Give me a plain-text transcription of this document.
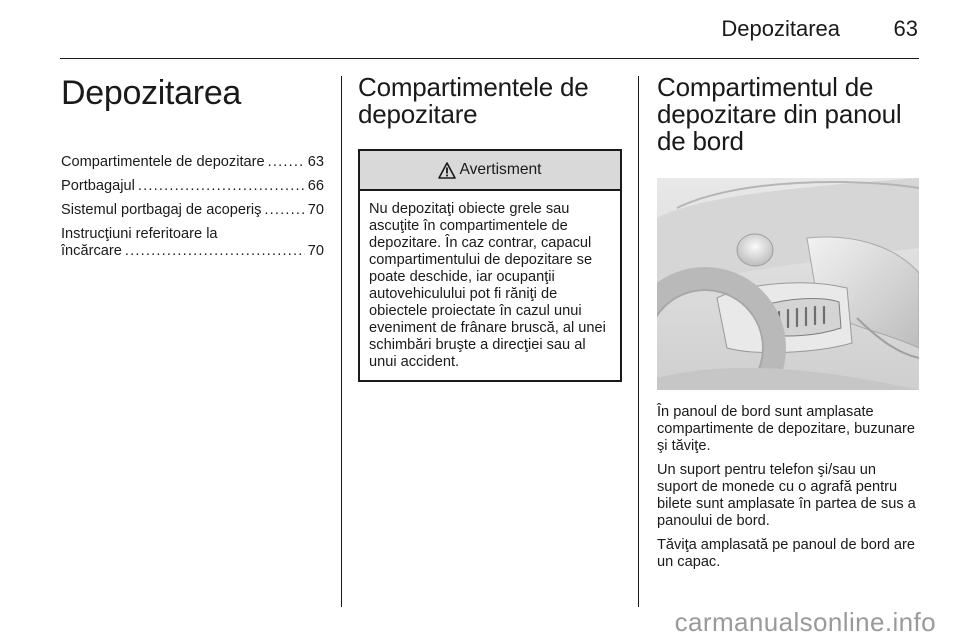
Depozitarea	63
Depozitarea
Compartimentele de depozitare .....	63
Portbagajul .....	66
Sistemul portbagaj de acoperiş .....	70
Instrucţiuni referitoare la
încărcare .....	70
Compartimentele de depozitare
Avertisment
Nu depozitaţi obiecte grele sau ascuţite în compartimentele de depozitare. În caz contrar, capacul compartimentului de depozitare se poate deschide, iar ocupanţii autovehiculului pot fi răniţi de obiectele proiectate în cazul unui eveniment de frânare bruscă, al unei schimbări bruşte a direcţiei sau al unui accident.
Compartimentul de depozitare din panoul de bord

În panoul de bord sunt amplasate compartimente de depozitare, buzunare şi tăviţe.

Un suport pentru telefon şi/sau un suport de monede cu o agrafă pentru bilete sunt amplasate în partea de sus a panoului de bord.

Tăviţa amplasată pe panoul de bord are un capac.

carmanualsonline.info
